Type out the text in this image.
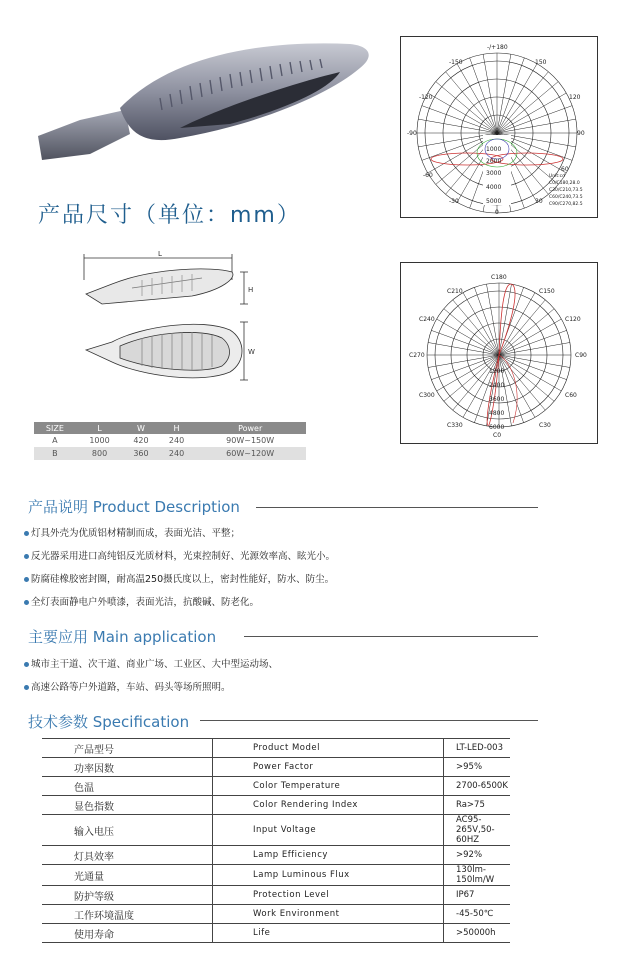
产品尺寸（单位：mm）
L
H
W
SIZE	L	W	H	Power
A	1000	420	240	90W~150W
B	800	360	240	60W~120W
-/+180
-150	150
-120	120
-90	90
-60
60
-30	30
0
0
1000
2000
3000
4000
5000
Unit:cd
C0/C180,28.0
C30/C210,73.5
C60/C240,73.5
C90/C270,82.5
C180
C210	C150
C240	C120
C270	C90
C300	C60
C330	C30
C0
1200
2400
3600
4800
6000
产品说明 Product Description
灯具外壳为优质铝材精制而成，表面光洁、平整；
反光器采用进口高纯铝反光质材料，光束控制好、光源效率高、眩光小。
防腐硅橡胶密封圈，耐高温250摄氏度以上，密封性能好，防水、防尘。
全灯表面静电户外喷漆，表面光洁，抗酸碱、防老化。
主要应用 Main application
城市主干道、次干道、商业广场、工业区、大中型运动场、
高速公路等户外道路，车站、码头等场所照明。
技术参数 Specification
产品型号	Product Model	LT-LED-003
功率因数	Power Factor	>95%
色温	Color Temperature	2700-6500K
显色指数	Color Rendering Index	Ra>75
输入电压	Input Voltage	AC95-265V,50-60HZ
灯具效率	Lamp Efficiency	>92%
光通量	Lamp Luminous Flux	130lm-150lm/W
防护等级	Protection Level	IP67
工作环境温度	Work Environment	-45-50℃
使用寿命	Life	>50000h
